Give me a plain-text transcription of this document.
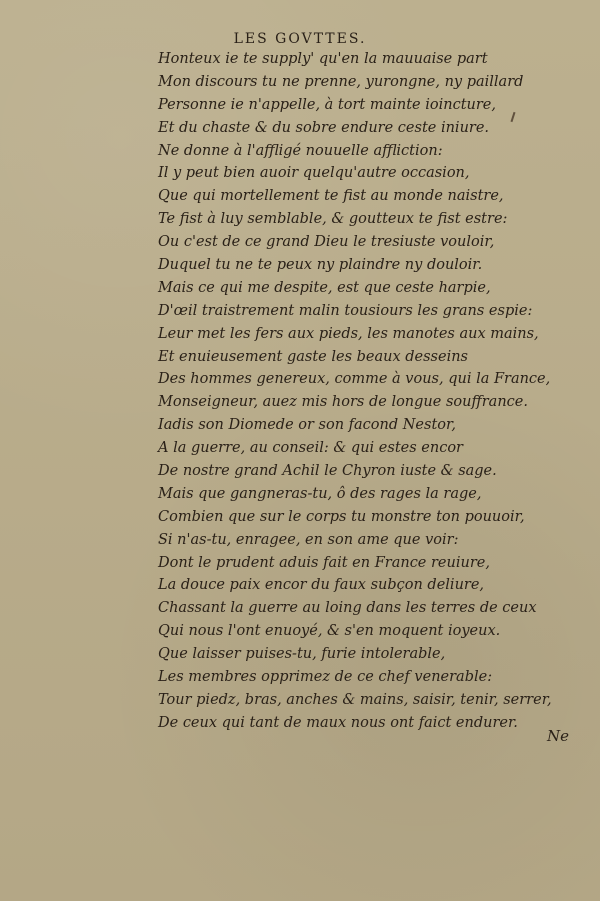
LES GOVTTES.
Honteux ie te supply' qu'en la mauuaise part
Mon discours tu ne prenne, yurongne, ny paillard
Personne ie n'appelle, à tort mainte ioincture,
Et du chaste & du sobre endure ceste iniure.
Ne donne à l'affligé nouuelle affliction:
Il y peut bien auoir quelqu'autre occasion,
Que qui mortellement te fist au monde naistre,
Te fist à luy semblable, & goutteux te fist estre:
Ou c'est de ce grand Dieu le tresiuste vouloir,
Duquel tu ne te peux ny plaindre ny douloir.
Mais ce qui me despite, est que ceste harpie,
D'œil traistrement malin tousiours les grans espie:
Leur met les fers aux pieds, les manotes aux mains,
Et enuieusement gaste les beaux desseins
Des hommes genereux, comme à vous, qui la France,
Monseigneur, auez mis hors de longue souffrance.
Iadis son Diomede or son facond Nestor,
A la guerre, au conseil: & qui estes encor
De nostre grand Achil le Chyron iuste & sage.
Mais que gangneras-tu, ô des rages la rage,
Combien que sur le corps tu monstre ton pouuoir,
Si n'as-tu, enragee, en son ame que voir:
Dont le prudent aduis fait en France reuiure,
La douce paix encor du faux subçon deliure,
Chassant la guerre au loing dans les terres de ceux
Qui nous l'ont enuoyé, & s'en moquent ioyeux.
Que laisser puises-tu, furie intolerable,
Les membres opprimez de ce chef venerable:
Tour piedz, bras, anches & mains, saisir, tenir, serrer,
De ceux qui tant de maux nous ont faict endurer.
Ne
